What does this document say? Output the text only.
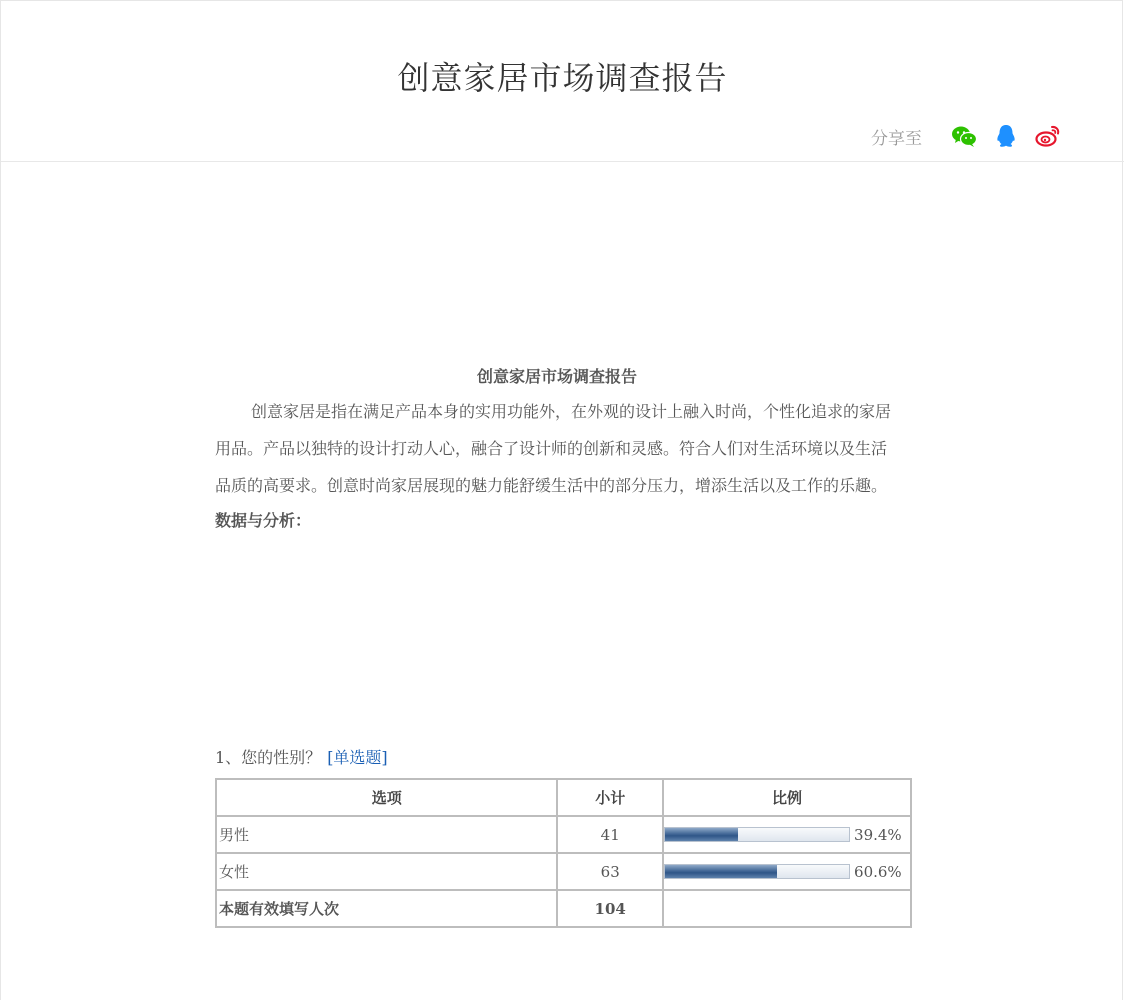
创意家居市场调查报告
分享至
创意家居市场调查报告

创意家居是指在满足产品本身的实用功能外，在外观的设计上融入时尚，个性化追求的家居用品。产品以独特的设计打动人心，融合了设计师的创新和灵感。符合人们对生活环境以及生活品质的高要求。创意时尚家居展现的魅力能舒缓生活中的部分压力，增添生活以及工作的乐趣。

数据与分析：
1、您的性别？ [单选题]
选项	小计	比例
男性	41	39.4%

女性	63	60.6%

本题有效填写人次	104	
